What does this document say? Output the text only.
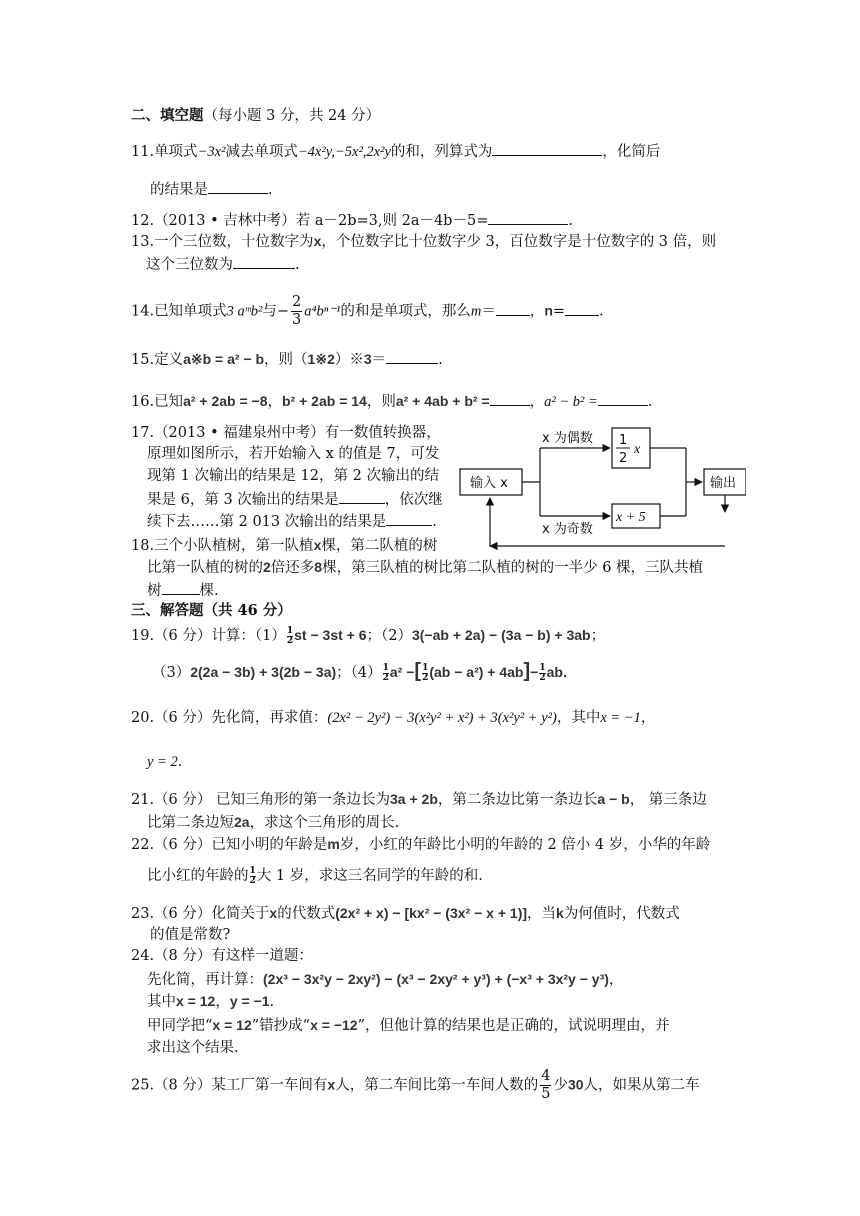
二、填空题（每小题 3 分，共 24 分）
11.单项式−3x²减去单项式−4x²y,−5x²,2x²y的和，列算式为	，化简后
的结果是	.
12.（2013 • 吉林中考）若 a－2b=3,则 2a－4b－5=	.
13.一个三位数，十位数字为x，个位数字比十位数字少 3，百位数字是十位数字的 3 倍，则
这个三位数为	.
14.已知单项式3 aᵐb²与− $\frac{2}{3} a^4b^{n-1}$的和是单项式，那么m＝ ，n= .
15.定义a※b = a² − b，则（1※2）※3＝	.
16.已知a² + 2ab = −8，b² + 2ab = 14，则a² + 4ab + b² =	，a² − b² =	.
17.（2013 • 福建泉州中考）有一数值转换器，
原理如图所示，若开始输入 x 的值是 7，可发
现第 1 次输出的结果是 12，第 2 次输出的结
果是 6，第 3 次输出的结果是	，依次继
续下去……第 2 013 次输出的结果是	.
输入 x	输出
1
2
x
x + 5
x 为偶数
x 为奇数
18.三个小队植树，第一队植x棵，第二队植的树
比第一队植的树的2倍还多8棵，第三队植的树比第二队植的树的一半少 6 棵，三队共植
树	棵.
三、解答题（共 46 分）
19.（6 分）计算：$(1) \frac{1}{2}st - 3st + 6$；（2）3(−ab + 2a) − (3a − b) + 3ab；
（3）2(2a − 3b) + 3(2b − 3a)；$(4) \frac{1}{2}a^2$ −[ $\frac{1}{2}(ab - a^2) + 4ab]- \frac{1}{2}ab$.
20.（6 分）先化简，再求值：(2x² − 2y²) − 3(x²y² + x²) + 3(x²y² + y²)，其中x = −1，
y = 2.
21.（6 分） 已知三角形的第一条边长为3a + 2b，第二条边比第一条边长a − b， 第三条边
比第二条边短2a，求这个三角形的周长.
22.（6 分）已知小明的年龄是m岁，小红的年龄比小明的年龄的 2 倍小 4 岁，小华的年龄
比小红的年龄的 $\frac{1}{2}$大 1 岁，求这三名同学的年龄的和.
23.（6 分）化简关于x的代数式(2x² + x) − [kx² − (3x² − x + 1)]，当k为何值时，代数式
的值是常数?
24.（8 分）有这样一道题：
先化简，再计算：(2x³ − 3x²y − 2xy²) − (x³ − 2xy² + y³) + (−x³ + 3x²y − y³)，
其中x = 12，y = −1.
甲同学把“x = 12”错抄成“x = −12”，但他计算的结果也是正确的，试说明理由，并
求出这个结果.
25.（8 分）某工厂第一车间有x人，第二车间比第一车间人数的 $\frac{4}{5}$ 少30人，如果从第二车
